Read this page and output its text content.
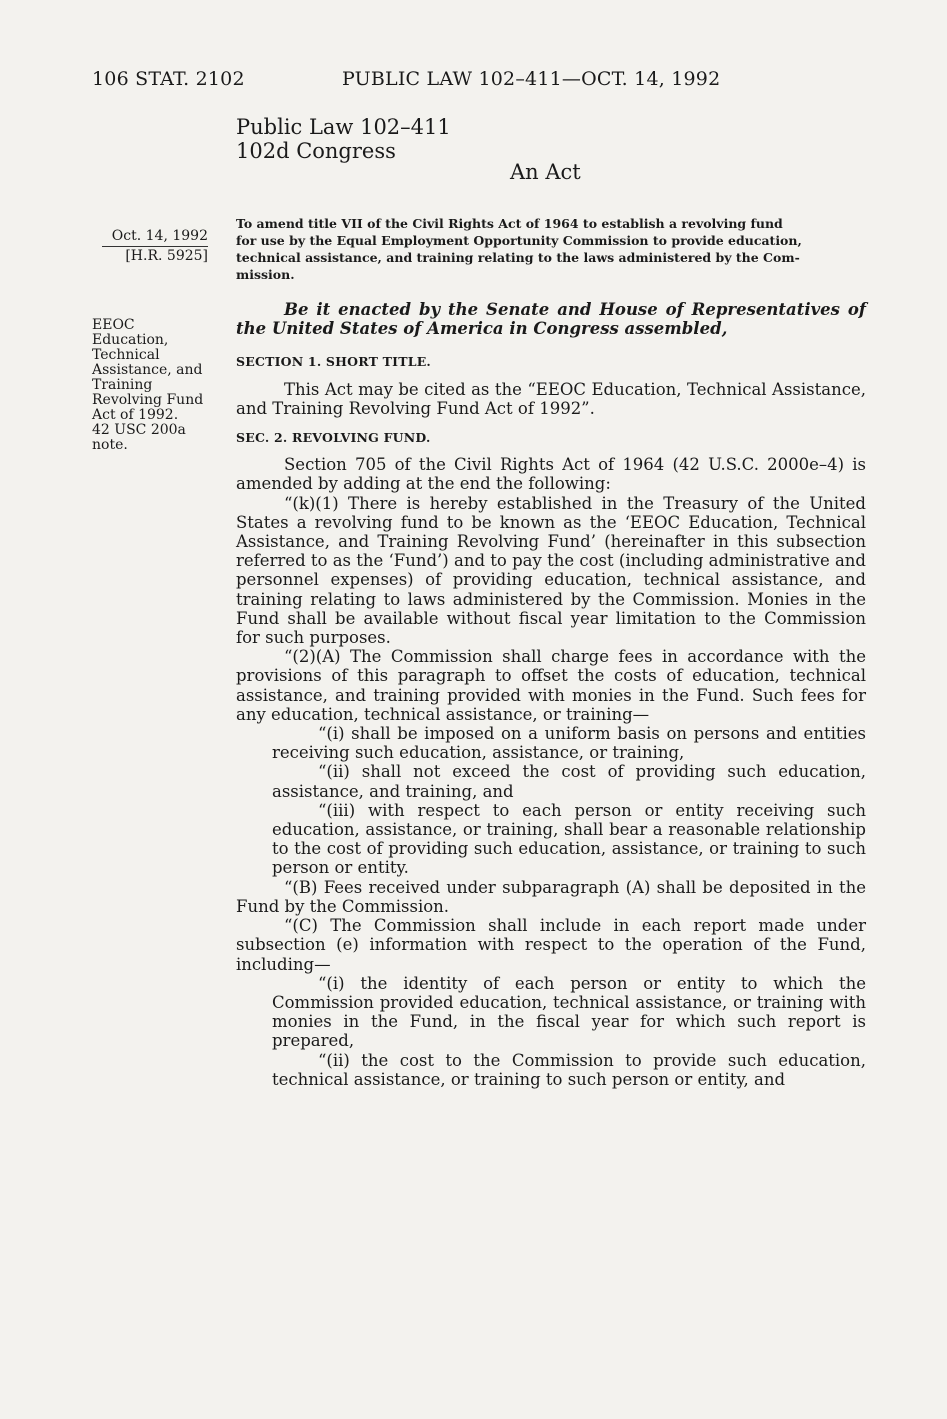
106 STAT. 2102	PUBLIC LAW 102–411—OCT. 14, 1992
Public Law 102–411
102d Congress
An Act
Oct. 14, 1992
[H.R. 5925]
EEOC
Education,
Technical
Assistance, and
Training
Revolving Fund
Act of 1992.
42 USC 200a
note.
To amend title VII of the Civil Rights Act of 1964 to establish a revolving fund
for use by the Equal Employment Opportunity Commission to provide education,
technical assistance, and training relating to the laws administered by the Com-
mission.

Be it enacted by the Senate and House of Representatives of the United States of America in Congress assembled,

SECTION 1. SHORT TITLE.

This Act may be cited as the “EEOC Education, Technical Assistance, and Training Revolving Fund Act of 1992”.

SEC. 2. REVOLVING FUND.

Section 705 of the Civil Rights Act of 1964 (42 U.S.C. 2000e–4) is amended by adding at the end the following:

“(k)(1) There is hereby established in the Treasury of the United States a revolving fund to be known as the ‘EEOC Education, Technical Assistance, and Training Revolving Fund’ (hereinafter in this subsection referred to as the ‘Fund’) and to pay the cost (including administrative and personnel expenses) of providing education, technical assistance, and training relating to laws administered by the Commission. Monies in the Fund shall be available without fiscal year limitation to the Commission for such purposes.

“(2)(A) The Commission shall charge fees in accordance with the provisions of this paragraph to offset the costs of education, technical assistance, and training provided with monies in the Fund. Such fees for any education, technical assistance, or training—

“(i) shall be imposed on a uniform basis on persons and entities receiving such education, assistance, or training,

“(ii) shall not exceed the cost of providing such education, assistance, and training, and

“(iii) with respect to each person or entity receiving such education, assistance, or training, shall bear a reasonable relationship to the cost of providing such education, assistance, or training to such person or entity.

“(B) Fees received under subparagraph (A) shall be deposited in the Fund by the Commission.

“(C) The Commission shall include in each report made under subsection (e) information with respect to the operation of the Fund, including—

“(i) the identity of each person or entity to which the Commission provided education, technical assistance, or training with monies in the Fund, in the fiscal year for which such report is prepared,

“(ii) the cost to the Commission to provide such education, technical assistance, or training to such person or entity, and
